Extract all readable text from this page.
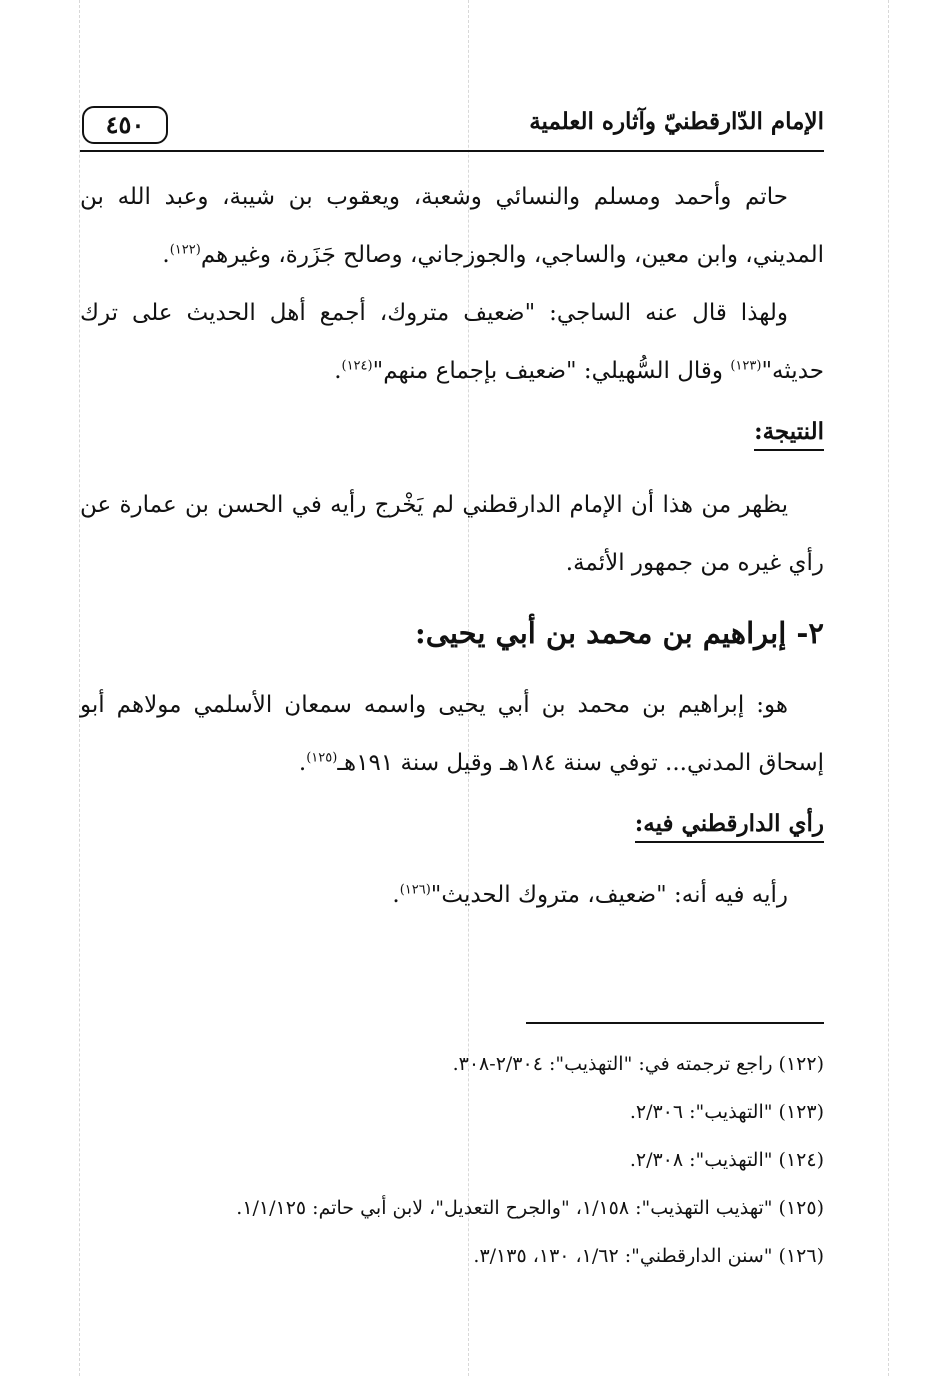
الإمام الدّارقطنيّ وآثاره العلمية
٤٥٠
حاتم وأحمد ومسلم والنسائي وشعبة، ويعقوب بن شيبة، وعبد الله بن المديني، وابن معين، والساجي، والجوزجاني، وصالح جَزَرة، وغيرهم$^{(١٢٢)}$.
ولهذا قال عنه الساجي: "ضعيف متروك، أجمع أهل الحديث على ترك حديثه"$^{(١٢٣)}$ وقال السُّهيلي: "ضعيف بإجماع منهم"$^{(١٢٤)}$.
النتيجة:
يظهر من هذا أن الإمام الدارقطني لم يَخْرج رأيه في الحسن بن عمارة عن رأي غيره من جمهور الأئمة.
٢- إبراهيم بن محمد بن أبي يحيى:
هو: إبراهيم بن محمد بن أبي يحيى واسمه سمعان الأسلمي مولاهم أبو إسحاق المدني... توفي سنة ١٨٤هـ وقيل سنة ١٩١هـ$^{(١٢٥)}$.
رأي الدارقطني فيه:
رأيه فيه أنه: "ضعيف، متروك الحديث"$^{(١٢٦)}$.
(١٢٢) راجع ترجمته في: "التهذيب": ٢/٣٠٤-٣٠٨.
(١٢٣) "التهذيب": ٢/٣٠٦.
(١٢٤) "التهذيب": ٢/٣٠٨.
(١٢٥) "تهذيب التهذيب": ١/١٥٨، "والجرح التعديل"، لابن أبي حاتم: ١/١/١٢٥.
(١٢٦) "سنن الدارقطني": ١/٦٢، ١٣٠، ٣/١٣٥.
